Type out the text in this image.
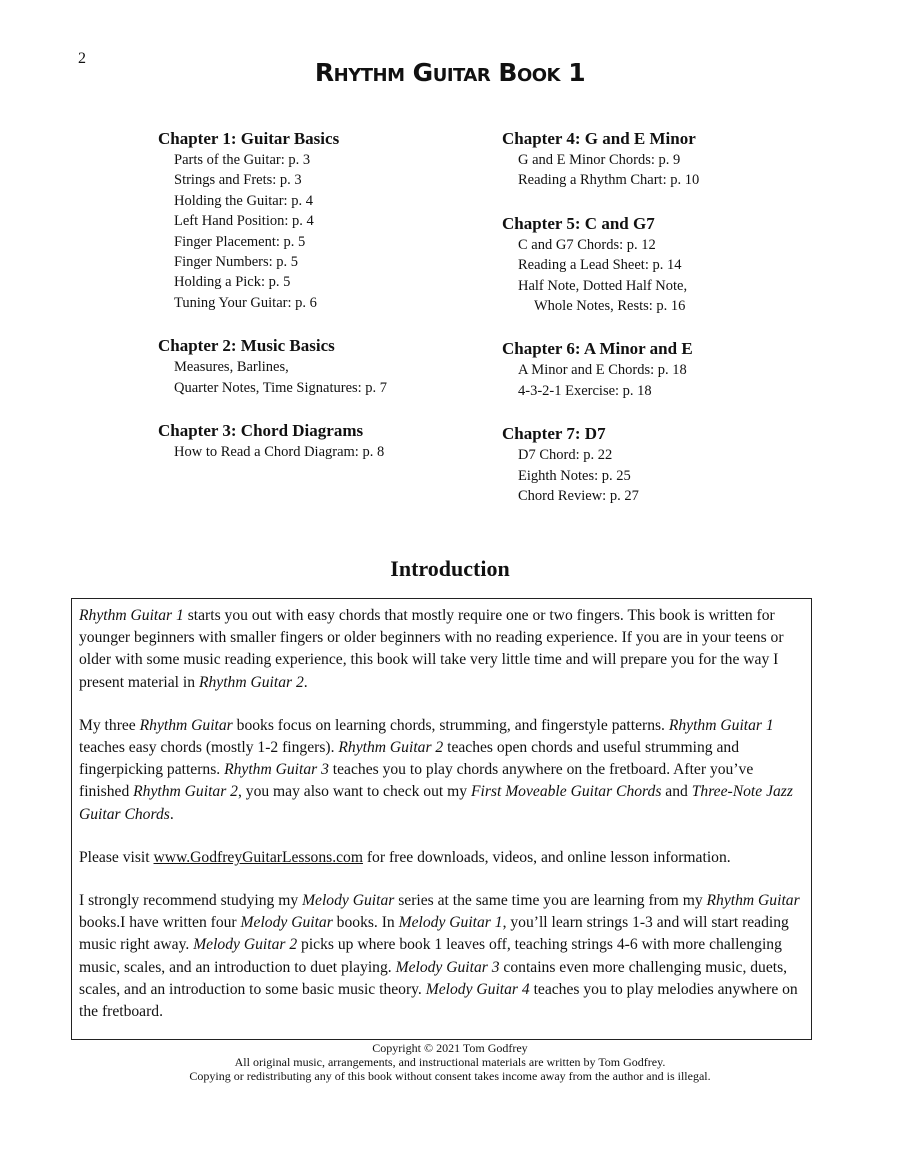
2	Rhythm Guitar Book 1
Chapter 1: Guitar Basics
Parts of the Guitar: p. 3
Strings and Frets: p. 3
Holding the Guitar: p. 4
Left Hand Position: p. 4
Finger Placement: p. 5
Finger Numbers: p. 5
Holding a Pick: p. 5
Tuning Your Guitar: p. 6
Chapter 2: Music Basics
Measures, Barlines,
Quarter Notes, Time Signatures: p. 7
Chapter 3: Chord Diagrams
How to Read a Chord Diagram: p. 8
Chapter 4: G and E Minor
G and E Minor Chords: p. 9
Reading a Rhythm Chart: p. 10
Chapter 5: C and G7
C and G7 Chords: p. 12
Reading a Lead Sheet: p. 14
Half Note, Dotted Half Note,
Whole Notes, Rests: p. 16
Chapter 6: A Minor and E
A Minor and E Chords: p. 18
4-3-2-1 Exercise: p. 18
Chapter 7: D7
D7 Chord: p. 22
Eighth Notes: p. 25
Chord Review: p. 27
Introduction

Rhythm Guitar 1 starts you out with easy chords that mostly require one or two fingers. This book is written for younger beginners with smaller fingers or older beginners with no reading experience. If you are in your teens or older with some music reading experience, this book will take very little time and will prepare you for the way I present material in Rhythm Guitar 2.

My three Rhythm Guitar books focus on learning chords, strumming, and fingerstyle patterns. Rhythm Guitar 1 teaches easy chords (mostly 1-2 fingers). Rhythm Guitar 2 teaches open chords and useful strumming and fingerpicking patterns. Rhythm Guitar 3 teaches you to play chords anywhere on the fretboard. After you’ve finished Rhythm Guitar 2, you may also want to check out my First Moveable Guitar Chords and Three-Note Jazz Guitar Chords.

Please visit www.GodfreyGuitarLessons.com for free downloads, videos, and online lesson information.

I strongly recommend studying my Melody Guitar series at the same time you are learning from my Rhythm Guitar books.I have written four Melody Guitar books. In Melody Guitar 1, you’ll learn strings 1-3 and will start reading music right away. Melody Guitar 2 picks up where book 1 leaves off, teaching strings 4-6 with more challenging music, scales, and an introduction to duet playing. Melody Guitar 3 contains even more challenging music, duets, scales, and an introduction to some basic music theory. Melody Guitar 4 teaches you to play melodies anywhere on the fretboard.

Copyright © 2021 Tom Godfrey
All original music, arrangements, and instructional materials are written by Tom Godfrey.
Copying or redistributing any of this book without consent takes income away from the author and is illegal.
